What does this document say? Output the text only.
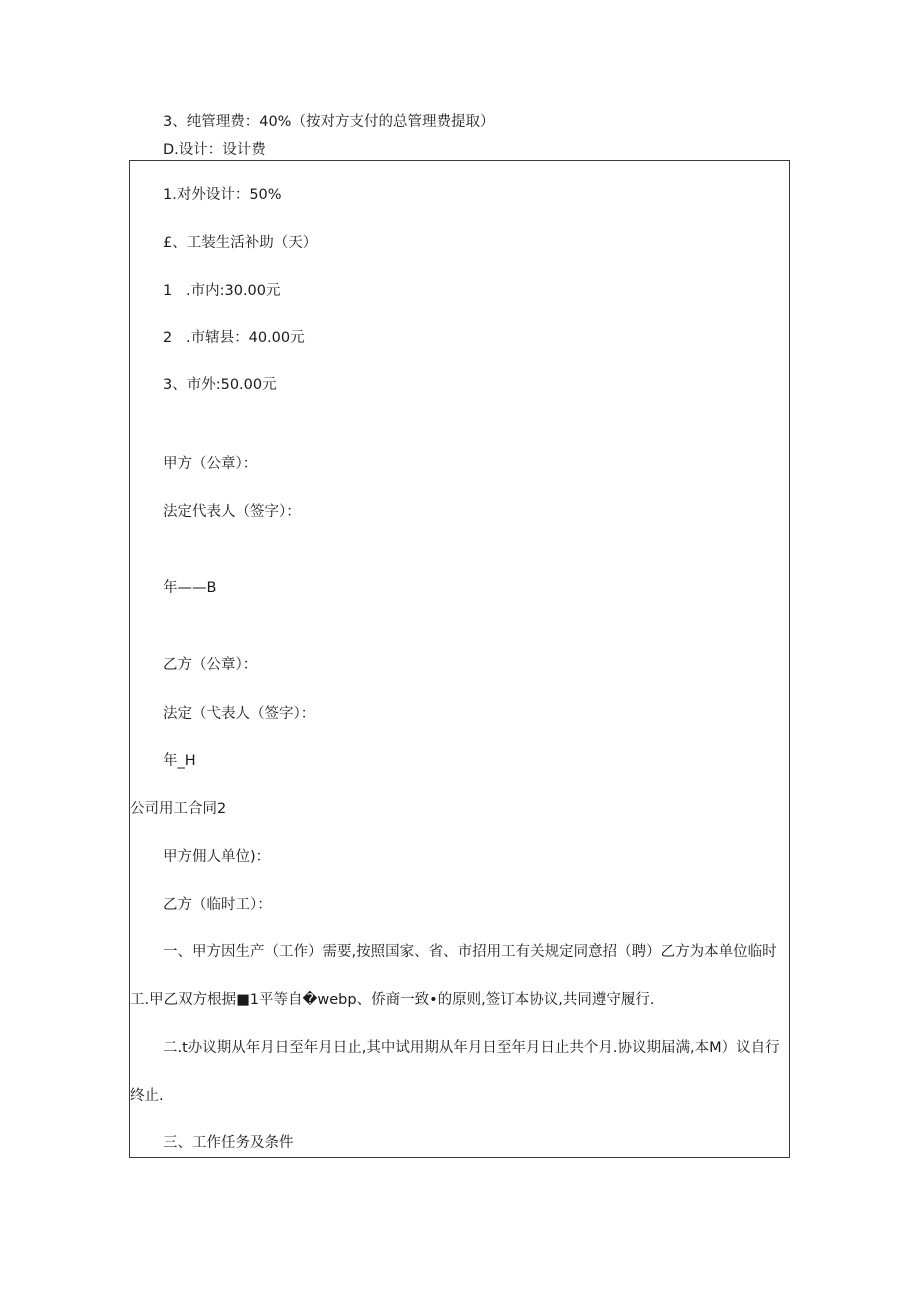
3、纯管理费：40%（按对方支付的总管理费提取）

D.设计：设计费

1.对外设计：50%

£、工装生活补助（天）

1 .市内:30.00元

2 .市辖县：40.00元

3、市外:50.00元

甲方（公章）：

法定代表人（签字）：

年——B

乙方（公章）：

法定（弋表人（签字）：

年_H

公司用工合同2

甲方佣人单位)：

乙方（临时工）：

一、甲方因生产（工作）需要,按照国家、省、市招用工有关规定同意招（聘）乙方为本单位临时

工.甲乙双方根据■1平等自�webp、侨商一致•的原则,签订本协议,共同遵守履行.

二.t办议期从年月日至年月日止,其中试用期从年月日至年月日止共个月.协议期届满,本M）议自行

终止.

三、工作任务及条件
